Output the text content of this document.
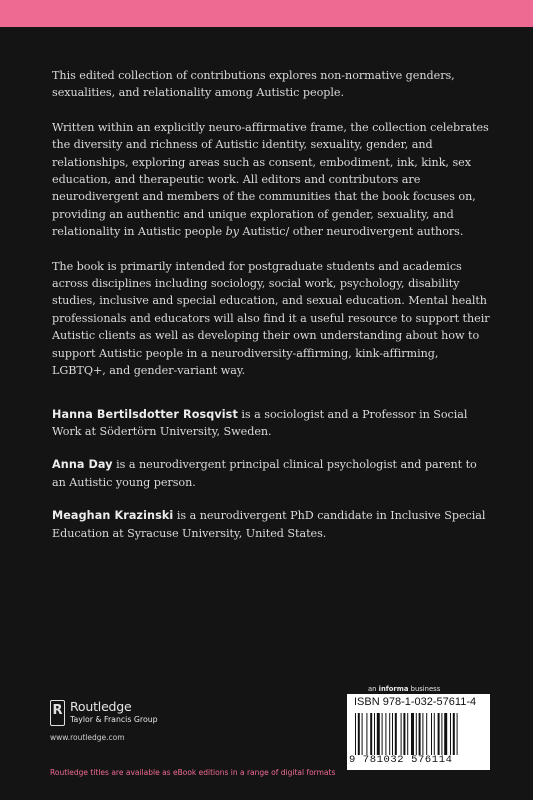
This edited collection of contributions explores non-normative genders, sexualities, and relationality among Autistic people.

Written within an explicitly neuro-affirmative frame, the collection celebrates the diversity and richness of Autistic identity, sexuality, gender, and relationships, exploring areas such as consent, embodiment, ink, kink, sex education, and therapeutic work. All editors and contributors are neurodivergent and members of the communities that the book focuses on, providing an authentic and unique exploration of gender, sexuality, and relationality in Autistic people by Autistic/ other neurodivergent authors.

The book is primarily intended for postgraduate students and academics across disciplines including sociology, social work, psychology, disability studies, inclusive and special education, and sexual education. Mental health professionals and educators will also find it a useful resource to support their Autistic clients as well as developing their own understanding about how to support Autistic people in a neurodiversity-affirming, kink-affirming, LGBTQ+, and gender-variant way.

Hanna Bertilsdotter Rosqvist is a sociologist and a Professor in Social Work at Södertörn University, Sweden.

Anna Day is a neurodivergent principal clinical psychologist and parent to an Autistic young person.

Meaghan Krazinski is a neurodivergent PhD candidate in Inclusive Special Education at Syracuse University, United States.

R Routledge
Taylor & Francis Group
www.routledge.com
Routledge titles are available as eBook editions in a range of digital formats
an informa business
ISBN 978-1-032-57611-4
9 781032 576114
